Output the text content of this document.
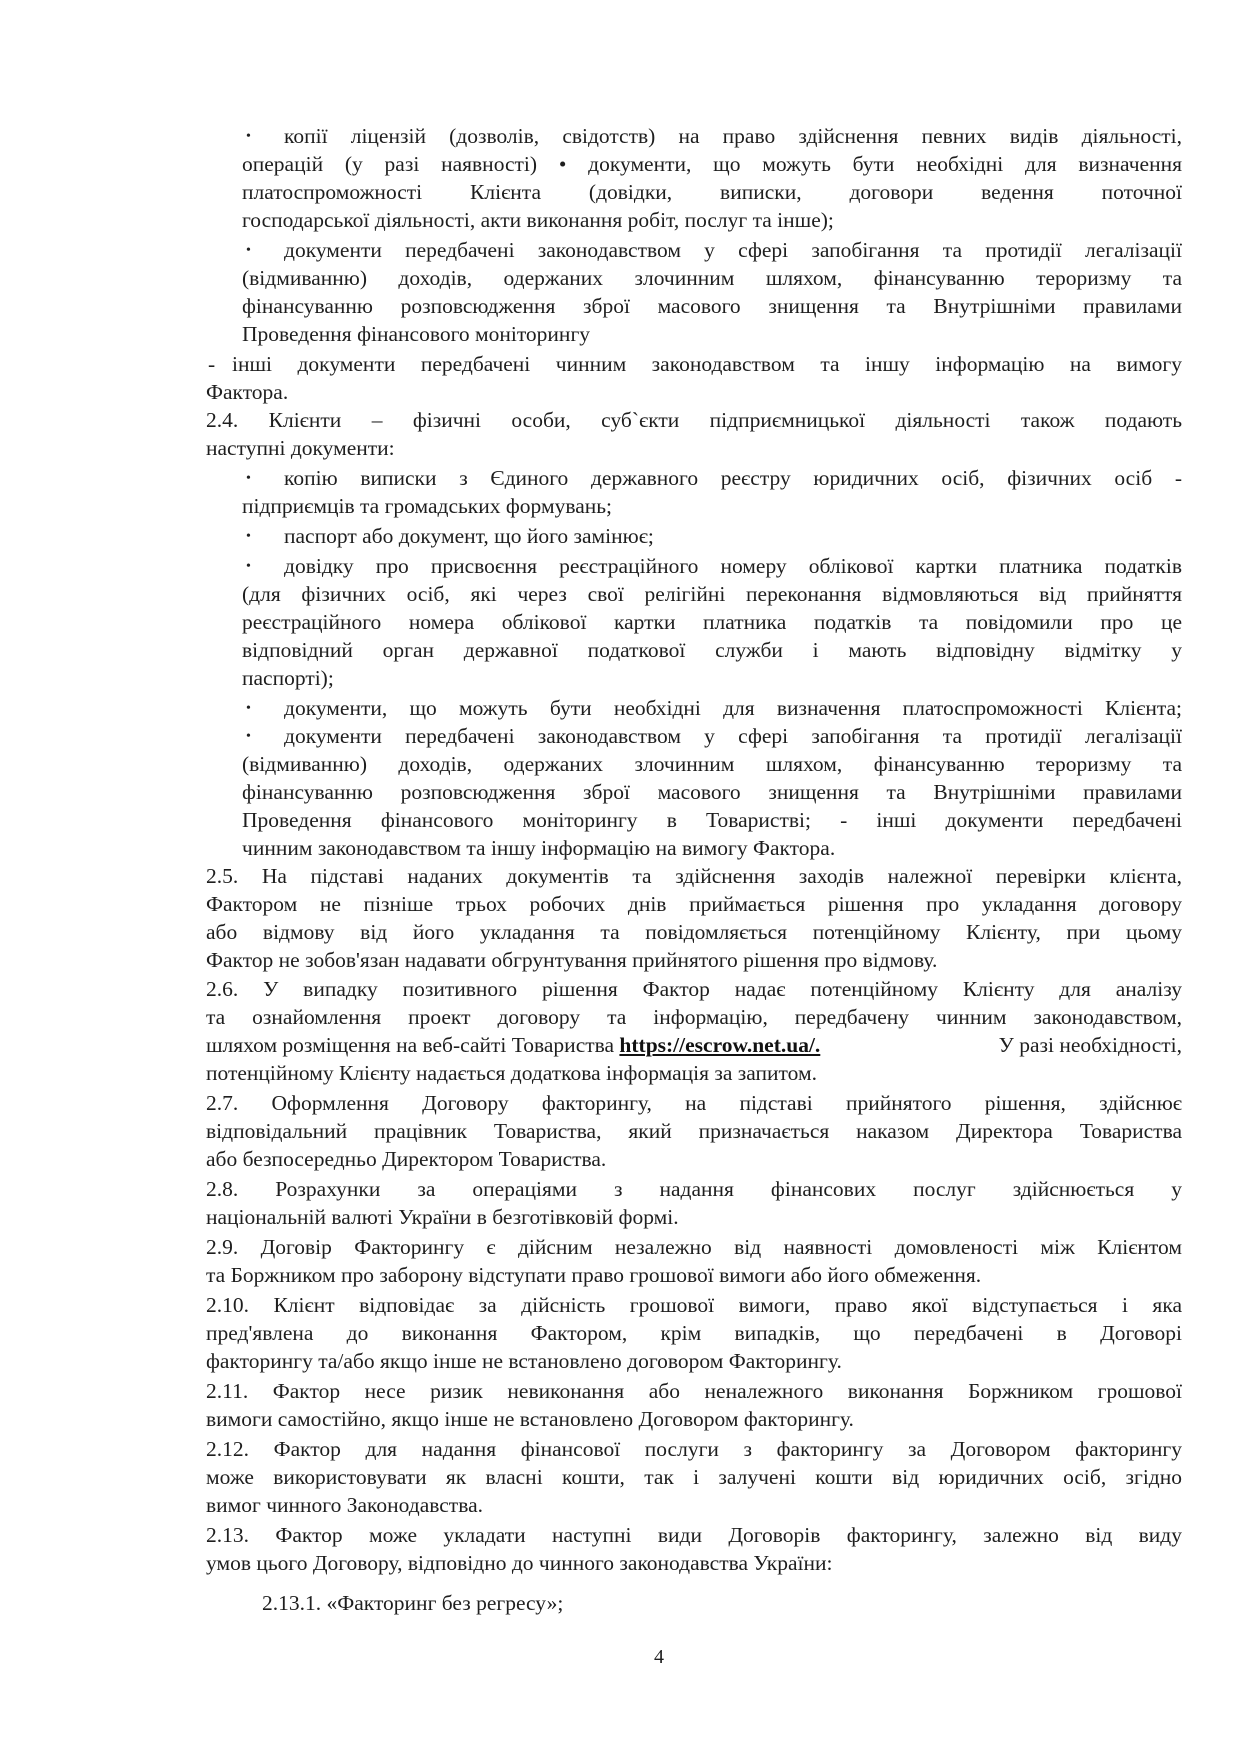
• копії ліцензій (дозволів, свідотств) на право здійснення певних видів діяльності,
операцій (у разі наявності) • документи, що можуть бути необхідні для визначення
платоспроможності Клієнта (довідки, виписки, договори ведення поточної
господарської діяльності, акти виконання робіт, послуг та інше);
• документи передбачені законодавством у сфері запобігання та протидії легалізації
(відмиванню) доходів, одержаних злочинним шляхом, фінансуванню тероризму та
фінансуванню розповсюдження зброї масового знищення та Внутрішніми правилами
Проведення фінансового моніторингу
- інші документи передбачені чинним законодавством та іншу інформацію на вимогу
Фактора.
2.4. Клієнти – фізичні особи, суб`єкти підприємницької діяльності також подають
наступні документи:
• копію виписки з Єдиного державного реєстру юридичних осіб, фізичних осіб -
підприємців та громадських формувань;
• паспорт або документ, що його замінює;
• довідку про присвоєння реєстраційного номеру облікової картки платника податків
(для фізичних осіб, які через свої релігійні переконання відмовляються від прийняття
реєстраційного номера облікової картки платника податків та повідомили про це
відповідний орган державної податкової служби і мають відповідну відмітку у
паспорті);
• документи, що можуть бути необхідні для визначення платоспроможності Клієнта;
• документи передбачені законодавством у сфері запобігання та протидії легалізації
(відмиванню) доходів, одержаних злочинним шляхом, фінансуванню тероризму та
фінансуванню розповсюдження зброї масового знищення та Внутрішніми правилами
Проведення фінансового моніторингу в Товаристві; - інші документи передбачені
чинним законодавством та іншу інформацію на вимогу Фактора.
2.5. На підставі наданих документів та здійснення заходів належної перевірки клієнта,
Фактором не пізніше трьох робочих днів приймається рішення про укладання договору
або відмову від його укладання та повідомляється потенційному Клієнту, при цьому
Фактор не зобов'язан надавати обгрунтування прийнятого рішення про відмову.
2.6. У випадку позитивного рішення Фактор надає потенційному Клієнту для аналізу
та ознайомлення проект договору та інформацію, передбачену чинним законодавством,
шляхом розміщення на веб-сайті Товариства https://escrow.net.ua/.	У разі необхідності,
потенційному Клієнту надається додаткова інформація за запитом.
2.7. Оформлення Договору факторингу, на підставі прийнятого рішення, здійснює
відповідальний працівник Товариства, який призначається наказом Директора Товариства
або безпосередньо Директором Товариства.
2.8. Розрахунки за операціями з надання фінансових послуг здійснюється у
національній валюті України в безготівковій формі.
2.9. Договір Факторингу є дійсним незалежно від наявності домовленості між Клієнтом
та Боржником про заборону відступати право грошової вимоги або його обмеження.
2.10. Клієнт відповідає за дійсність грошової вимоги, право якої відступається і яка
пред'явлена до виконання Фактором, крім випадків, що передбачені в Договорі
факторингу та/або якщо інше не встановлено договором Факторингу.
2.11. Фактор несе ризик невиконання або неналежного виконання Боржником грошової
вимоги самостійно, якщо інше не встановлено Договором факторингу.
2.12. Фактор для надання фінансової послуги з факторингу за Договором факторингу
може використовувати як власні кошти, так і залучені кошти від юридичних осіб, згідно
вимог чинного Законодавства.
2.13. Фактор може укладати наступні види Договорів факторингу, залежно від виду
умов цього Договору, відповідно до чинного законодавства України:
2.13.1. «Факторинг без регресу»;
4
